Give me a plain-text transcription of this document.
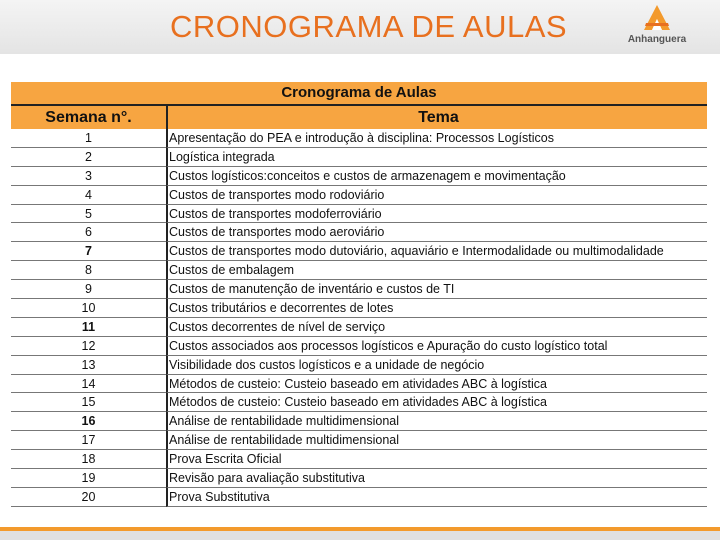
CRONOGRAMA DE AULAS	Anhanguera
Cronograma de Aulas
Semana n°.	Tema
1	Apresentação do PEA e introdução à disciplina: Processos Logísticos
2	Logística integrada
3	Custos logísticos:conceitos e custos de armazenagem e movimentação
4	Custos de transportes modo rodoviário
5	Custos de transportes modoferroviário
6	Custos de transportes modo aeroviário
7	Custos de transportes modo dutoviário, aquaviário e Intermodalidade ou multimodalidade
8	Custos de embalagem
9	Custos de manutenção de inventário e custos de TI
10	Custos tributários e decorrentes de lotes
11	Custos decorrentes de nível de serviço
12	Custos associados aos processos logísticos e Apuração do custo logístico total
13	Visibilidade dos custos logísticos e a unidade de negócio
14	Métodos de custeio: Custeio baseado em atividades ABC à logística
15	Métodos de custeio: Custeio baseado em atividades ABC à logística
16	Análise de rentabilidade multidimensional
17	Análise de rentabilidade multidimensional
18	Prova Escrita Oficial
19	Revisão para avaliação substitutiva
20	Prova Substitutiva
